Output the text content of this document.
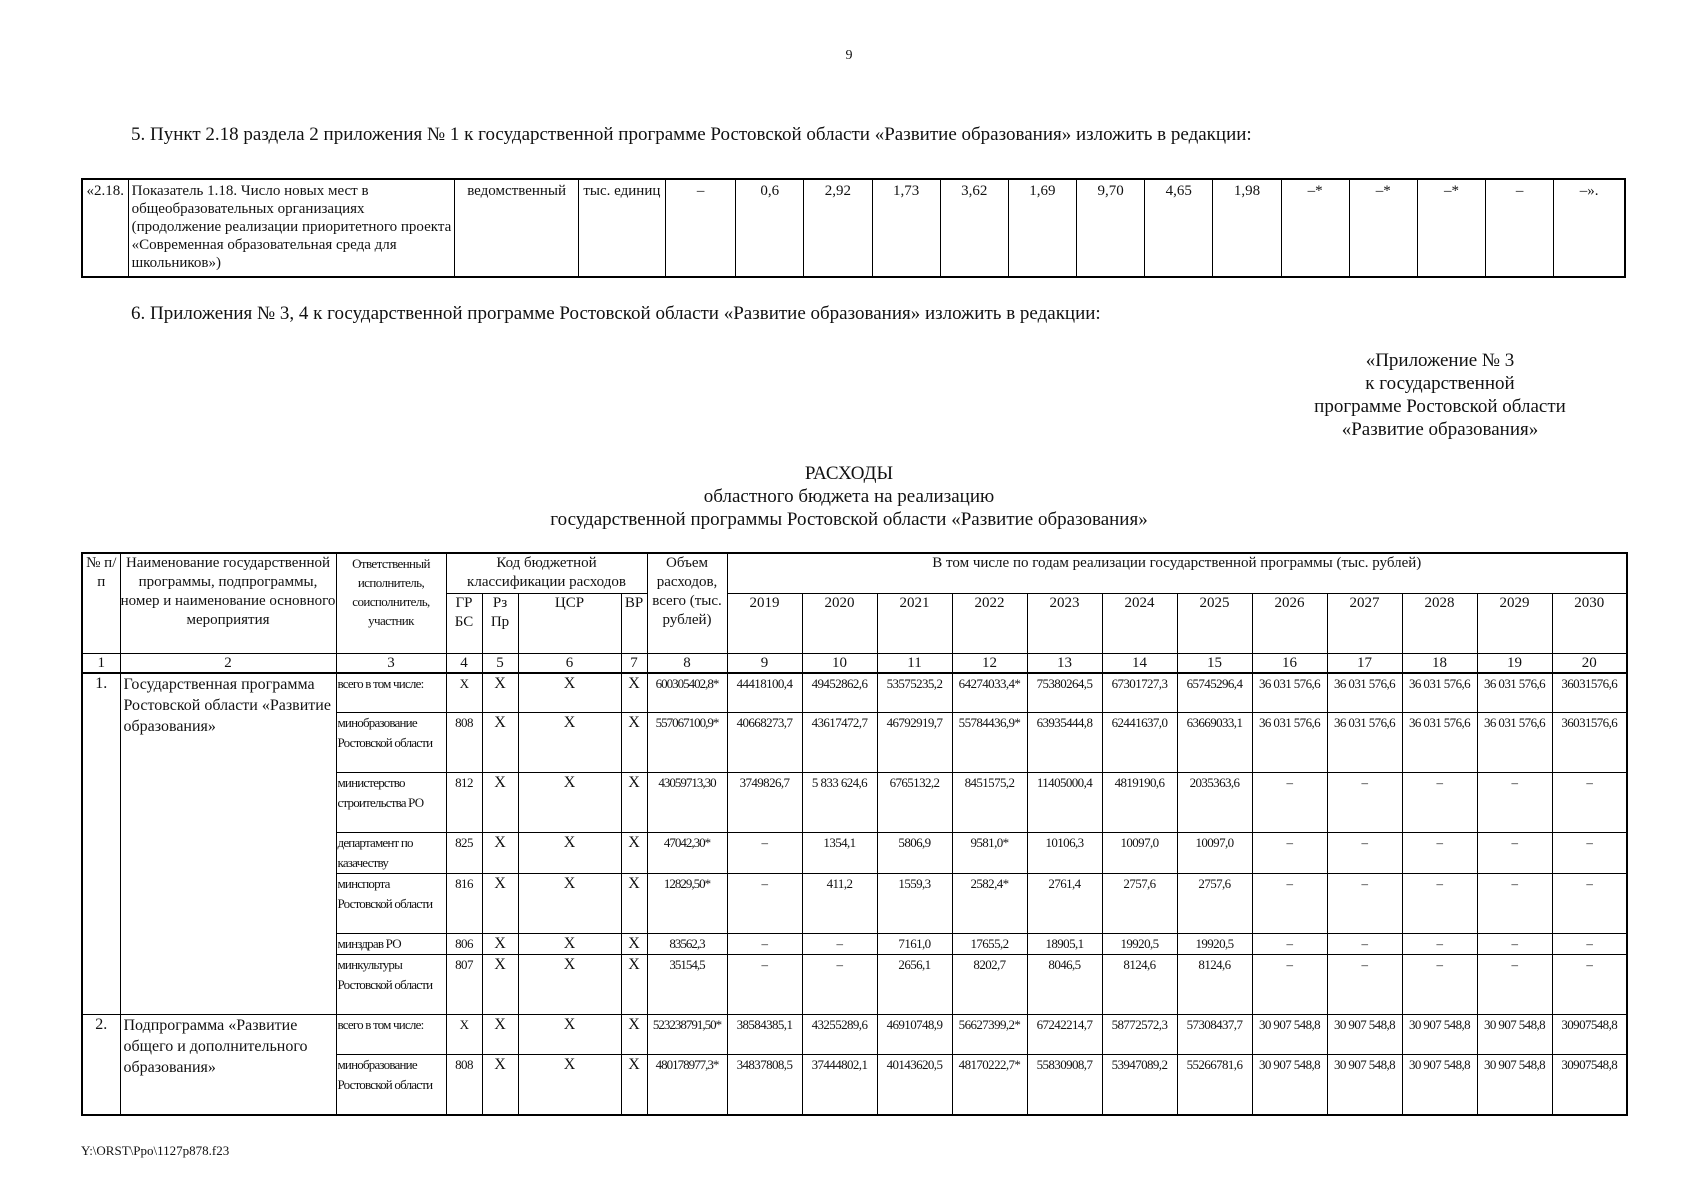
9
5. Пункт 2.18 раздела 2 приложения № 1 к государственной программе Ростовской области «Развитие образования» изложить в редакции:
«2.18.	Показатель 1.18. Число новых мест в общеобразовательных организациях (продолжение реализации приоритетного проекта «Современная образовательная среда для школьников»)	ведомственный	тыс. единиц	–	0,6	2,92	1,73	3,62	1,69	9,70	4,65	1,98	–*	–*	–*	–	–».
6. Приложения № 3, 4 к государственной программе Ростовской области «Развитие образования» изложить в редакции:
«Приложение № 3
к государственной
программе Ростовской области
«Развитие образования»
РАСХОДЫ
областного бюджета на реализацию
государственной программы Ростовской области «Развитие образования»
№ п/п	Наименование государственной программы, подпрограммы, номер и наименование основного мероприятия	Ответственный исполнитель, соисполнитель, участник	Код бюджетной классификации расходов				Объем расходов, всего (тыс. рублей)	В том числе по годам реализации государственной программы (тыс. рублей)											
			ГР БС	Рз Пр	ЦСР	ВР		2019	2020	2021	2022	2023	2024	2025	2026	2027	2028	2029	2030
1	2	3	4	5	6	7	8	9	10	11	12	13	14	15	16	17	18	19	20
1.	Государственная программа Ростовской области «Развитие образования»	всего в том числе:	X	X	X	X	600305402,8*	44418100,4	49452862,6	53575235,2	64274033,4*	75380264,5	67301727,3	65745296,4	36 031 576,6	36 031 576,6	36 031 576,6	36 031 576,6	36031576,6
		минобразование Ростовской области	808	X	X	X	557067100,9*	40668273,7	43617472,7	46792919,7	55784436,9*	63935444,8	62441637,0	63669033,1	36 031 576,6	36 031 576,6	36 031 576,6	36 031 576,6	36031576,6
		министерство строительства РО	812	X	X	X	43059713,30	3749826,7	5 833 624,6	6765132,2	8451575,2	11405000,4	4819190,6	2035363,6	–	–	–	–	–
		департамент по казачеству	825	X	X	X	47042,30*	–	1354,1	5806,9	9581,0*	10106,3	10097,0	10097,0	–	–	–	–	–
		минспорта Ростовской области	816	X	X	X	12829,50*	–	411,2	1559,3	2582,4*	2761,4	2757,6	2757,6	–	–	–	–	–
		минздрав РО	806	X	X	X	83562,3	–	–	7161,0	17655,2	18905,1	19920,5	19920,5	–	–	–	–	–
		минкультуры Ростовской области	807	X	X	X	35154,5	–	–	2656,1	8202,7	8046,5	8124,6	8124,6	–	–	–	–	–
2.	Подпрограмма «Развитие общего и дополнительного образования»	всего в том числе:	X	X	X	X	523238791,50*	38584385,1	43255289,6	46910748,9	56627399,2*	67242214,7	58772572,3	57308437,7	30 907 548,8	30 907 548,8	30 907 548,8	30 907 548,8	30907548,8
		минобразование Ростовской области	808	X	X	X	480178977,3*	34837808,5	37444802,1	40143620,5	48170222,7*	55830908,7	53947089,2	55266781,6	30 907 548,8	30 907 548,8	30 907 548,8	30 907 548,8	30907548,8
Y:\ORST\Ppo\1127p878.f23
